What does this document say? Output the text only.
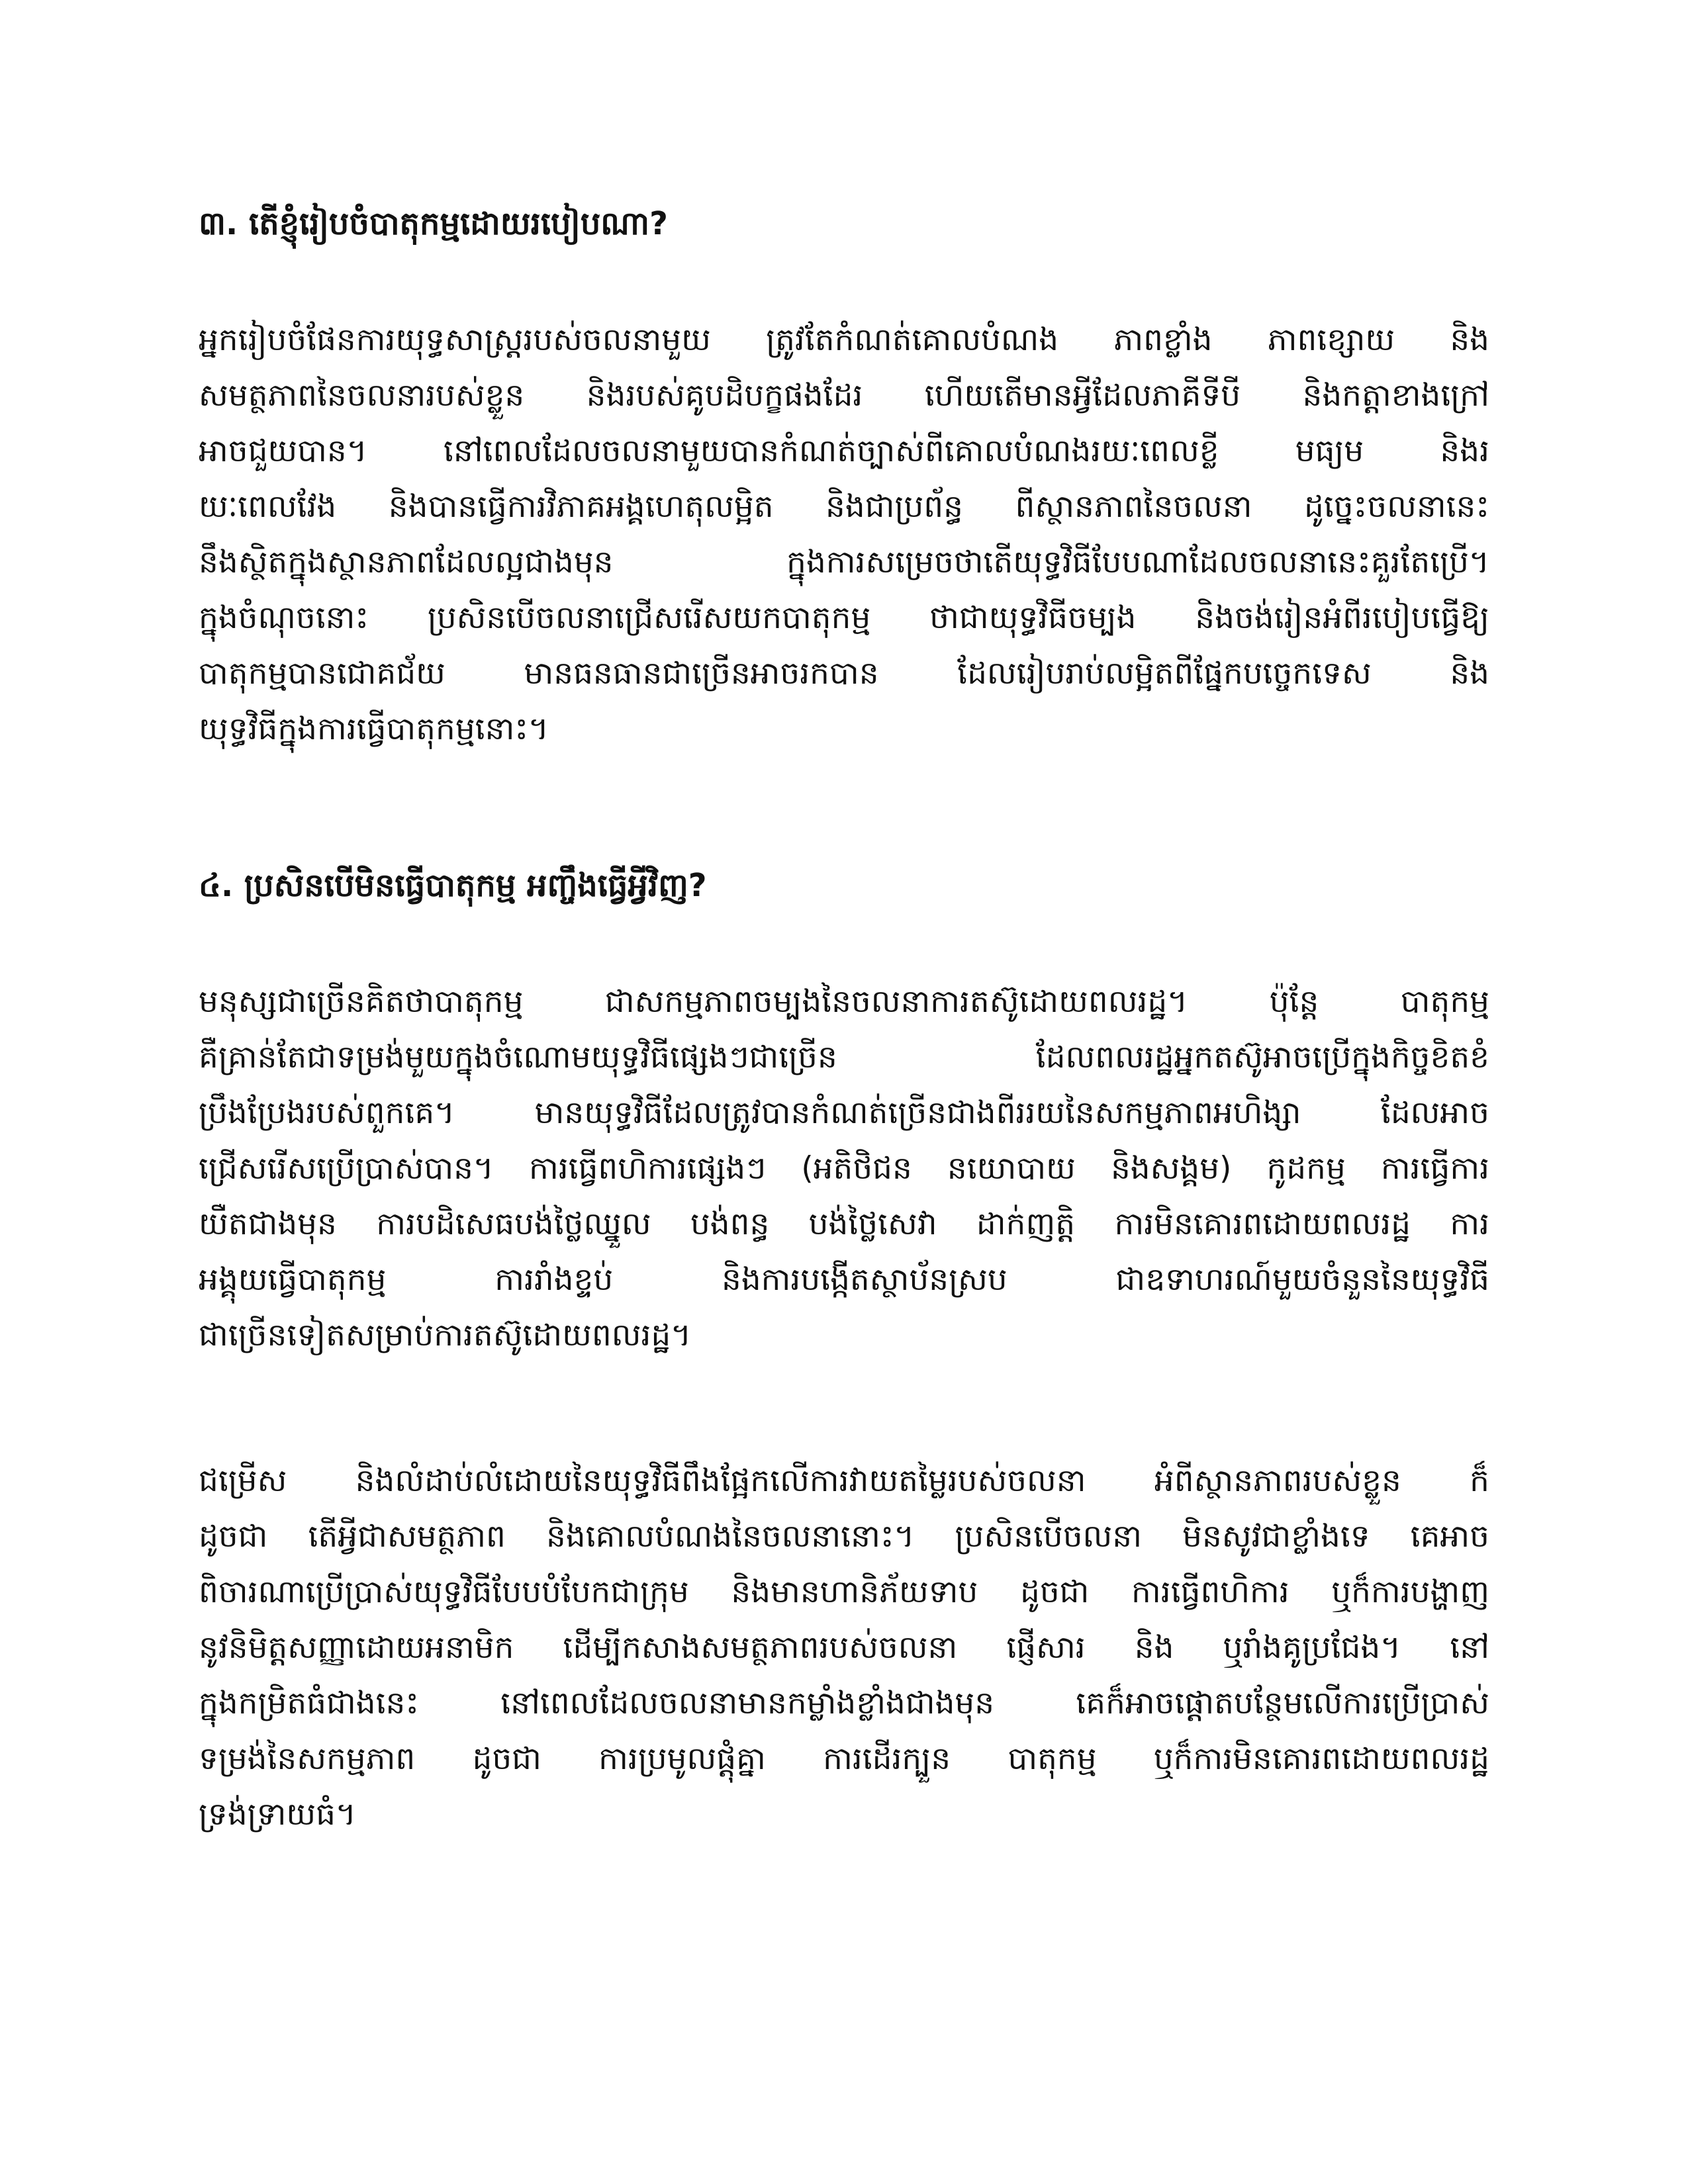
៣. តើខ្ញុំរៀបចំបាតុកម្មដោយរបៀបណា?
អ្នករៀបចំផែនការយុទ្ធសាស្ត្ររបស់ចលនាមួយ ត្រូវតែកំណត់គោលបំណង ភាពខ្លាំង ភាពខ្សោយ និង
សមត្ថភាពនៃចលនារបស់ខ្លួន និងរបស់គូបដិបក្ខផងដែរ ហើយតើមានអ្វីដែលភាគីទីបី និងកត្តាខាងក្រៅ
អាចជួយបាន។ នៅពេលដែលចលនាមួយបានកំណត់ច្បាស់ពីគោលបំណងរយៈពេលខ្លី មធ្យម និងរ
យៈពេលវែង និងបានធ្វើការវិភាគអង្គហេតុលម្អិត និងជាប្រព័ន្ធ ពីស្ថានភាពនៃចលនា ដូច្នេះចលនានេះ
នឹងស្ថិតក្នុងស្ថានភាពដែលល្អជាងមុន ក្នុងការសម្រេចថាតើយុទ្ធវិធីបែបណាដែលចលនានេះគួរតែប្រើ។
ក្នុងចំណុចនោះ ប្រសិនបើចលនាជ្រើសរើសយកបាតុកម្ម ថាជាយុទ្ធវិធីចម្បង និងចង់រៀនអំពីរបៀបធ្វើឱ្យ
បាតុកម្មបានជោគជ័យ មានធនធានជាច្រើនអាចរកបាន ដែលរៀបរាប់លម្អិតពីផ្នែកបច្ចេកទេស និង
យុទ្ធវិធីក្នុងការធ្វើបាតុកម្មនោះ។
៤. ប្រសិនបើមិនធ្វើបាតុកម្ម អញ្ចឹងធ្វើអ្វីវិញ?
មនុស្សជាច្រើនគិតថាបាតុកម្ម ជាសកម្មភាពចម្បងនៃចលនាការតស៊ូដោយពលរដ្ឋ។ ប៉ុន្តែ បាតុកម្ម
គឺគ្រាន់តែជាទម្រង់មួយក្នុងចំណោមយុទ្ធវិធីផ្សេងៗជាច្រើន ដែលពលរដ្ឋអ្នកតស៊ូអាចប្រើក្នុងកិច្ចខិតខំ
ប្រឹងប្រែងរបស់ពួកគេ។ មានយុទ្ធវិធីដែលត្រូវបានកំណត់ច្រើនជាងពីររយនៃសកម្មភាពអហិង្សា ដែលអាច
ជ្រើសរើសប្រើប្រាស់បាន។ ការធ្វើពហិការផ្សេងៗ (អតិថិជន នយោបាយ និងសង្គម) កូដកម្ម ការធ្វើការ
យឺតជាងមុន ការបដិសេធបង់ថ្លៃឈ្នួល បង់ពន្ធ បង់ថ្លៃសេវា ដាក់ញត្តិ ការមិនគោរពដោយពលរដ្ឋ ការ
អង្គុយធ្វើបាតុកម្ម ការរាំងខ្ទប់ និងការបង្កើតស្ថាប័នស្រប ជាឧទាហរណ៍មួយចំនួននៃយុទ្ធវិធី
ជាច្រើនទៀតសម្រាប់ការតស៊ូដោយពលរដ្ឋ។
ជម្រើស និងលំដាប់លំដោយនៃយុទ្ធវិធីពឹងផ្អែកលើការវាយតម្លៃរបស់ចលនា អំពីស្ថានភាពរបស់ខ្លួន ក៏
ដូចជា តើអ្វីជាសមត្ថភាព និងគោលបំណងនៃចលនានោះ។ ប្រសិនបើចលនា មិនសូវជាខ្លាំងទេ គេអាច
ពិចារណាប្រើប្រាស់យុទ្ធវិធីបែបបំបែកជាក្រុម និងមានហានិភ័យទាប ដូចជា ការធ្វើពហិការ ឬក៏ការបង្ហាញ
នូវនិមិត្តសញ្ញាដោយអនាមិក ដើម្បីកសាងសមត្ថភាពរបស់ចលនា ផ្ញើសារ និង ឬរាំងគូប្រជែង។ នៅ
ក្នុងកម្រិតធំជាងនេះ នៅពេលដែលចលនាមានកម្លាំងខ្លាំងជាងមុន គេក៏អាចផ្តោតបន្ថែមលើការប្រើប្រាស់
ទម្រង់នៃសកម្មភាព ដូចជា ការប្រមូលផ្តុំគ្នា ការដើរក្បួន បាតុកម្ម ឬក៏ការមិនគោរពដោយពលរដ្ឋ
ទ្រង់ទ្រាយធំ។
